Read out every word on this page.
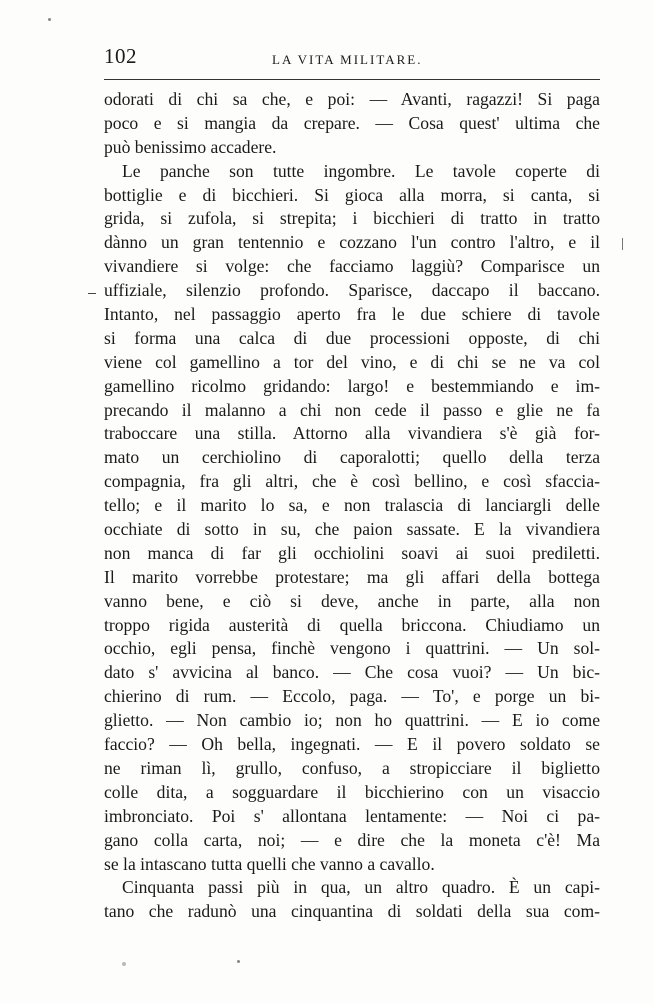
102	LA VITA MILITARE.
odorati di chi sa che, e poi: — Avanti, ragazzi! Si paga
poco e si mangia da crepare. — Cosa quest' ultima che
può benissimo accadere.
Le panche son tutte ingombre. Le tavole coperte di
bottiglie e di bicchieri. Si gioca alla morra, si canta, si
grida, si zufola, si strepita; i bicchieri di tratto in tratto
dànno un gran tentennio e cozzano l'un contro l'altro, e il
vivandiere si volge: che facciamo laggiù? Comparisce un
uffiziale, silenzio profondo. Sparisce, daccapo il baccano.
Intanto, nel passaggio aperto fra le due schiere di tavole
si forma una calca di due processioni opposte, di chi
viene col gamellino a tor del vino, e di chi se ne va col
gamellino ricolmo gridando: largo! e bestemmiando e im-
precando il malanno a chi non cede il passo e glie ne fa
traboccare una stilla. Attorno alla vivandiera s'è già for-
mato un cerchiolino di caporalotti; quello della terza
compagnia, fra gli altri, che è così bellino, e così sfaccia-
tello; e il marito lo sa, e non tralascia di lanciargli delle
occhiate di sotto in su, che paion sassate. E la vivandiera
non manca di far gli occhiolini soavi ai suoi prediletti.
Il marito vorrebbe protestare; ma gli affari della bottega
vanno bene, e ciò si deve, anche in parte, alla non
troppo rigida austerità di quella briccona. Chiudiamo un
occhio, egli pensa, finchè vengono i quattrini. — Un sol-
dato s' avvicina al banco. — Che cosa vuoi? — Un bic-
chierino di rum. — Eccolo, paga. — To', e porge un bi-
glietto. — Non cambio io; non ho quattrini. — E io come
faccio? — Oh bella, ingegnati. — E il povero soldato se
ne riman lì, grullo, confuso, a stropicciare il biglietto
colle dita, a sogguardare il bicchierino con un visaccio
imbronciato. Poi s' allontana lentamente: — Noi ci pa-
gano colla carta, noi; — e dire che la moneta c'è! Ma
se la intascano tutta quelli che vanno a cavallo.
Cinquanta passi più in qua, un altro quadro. È un capi-
tano che radunò una cinquantina di soldati della sua com-
